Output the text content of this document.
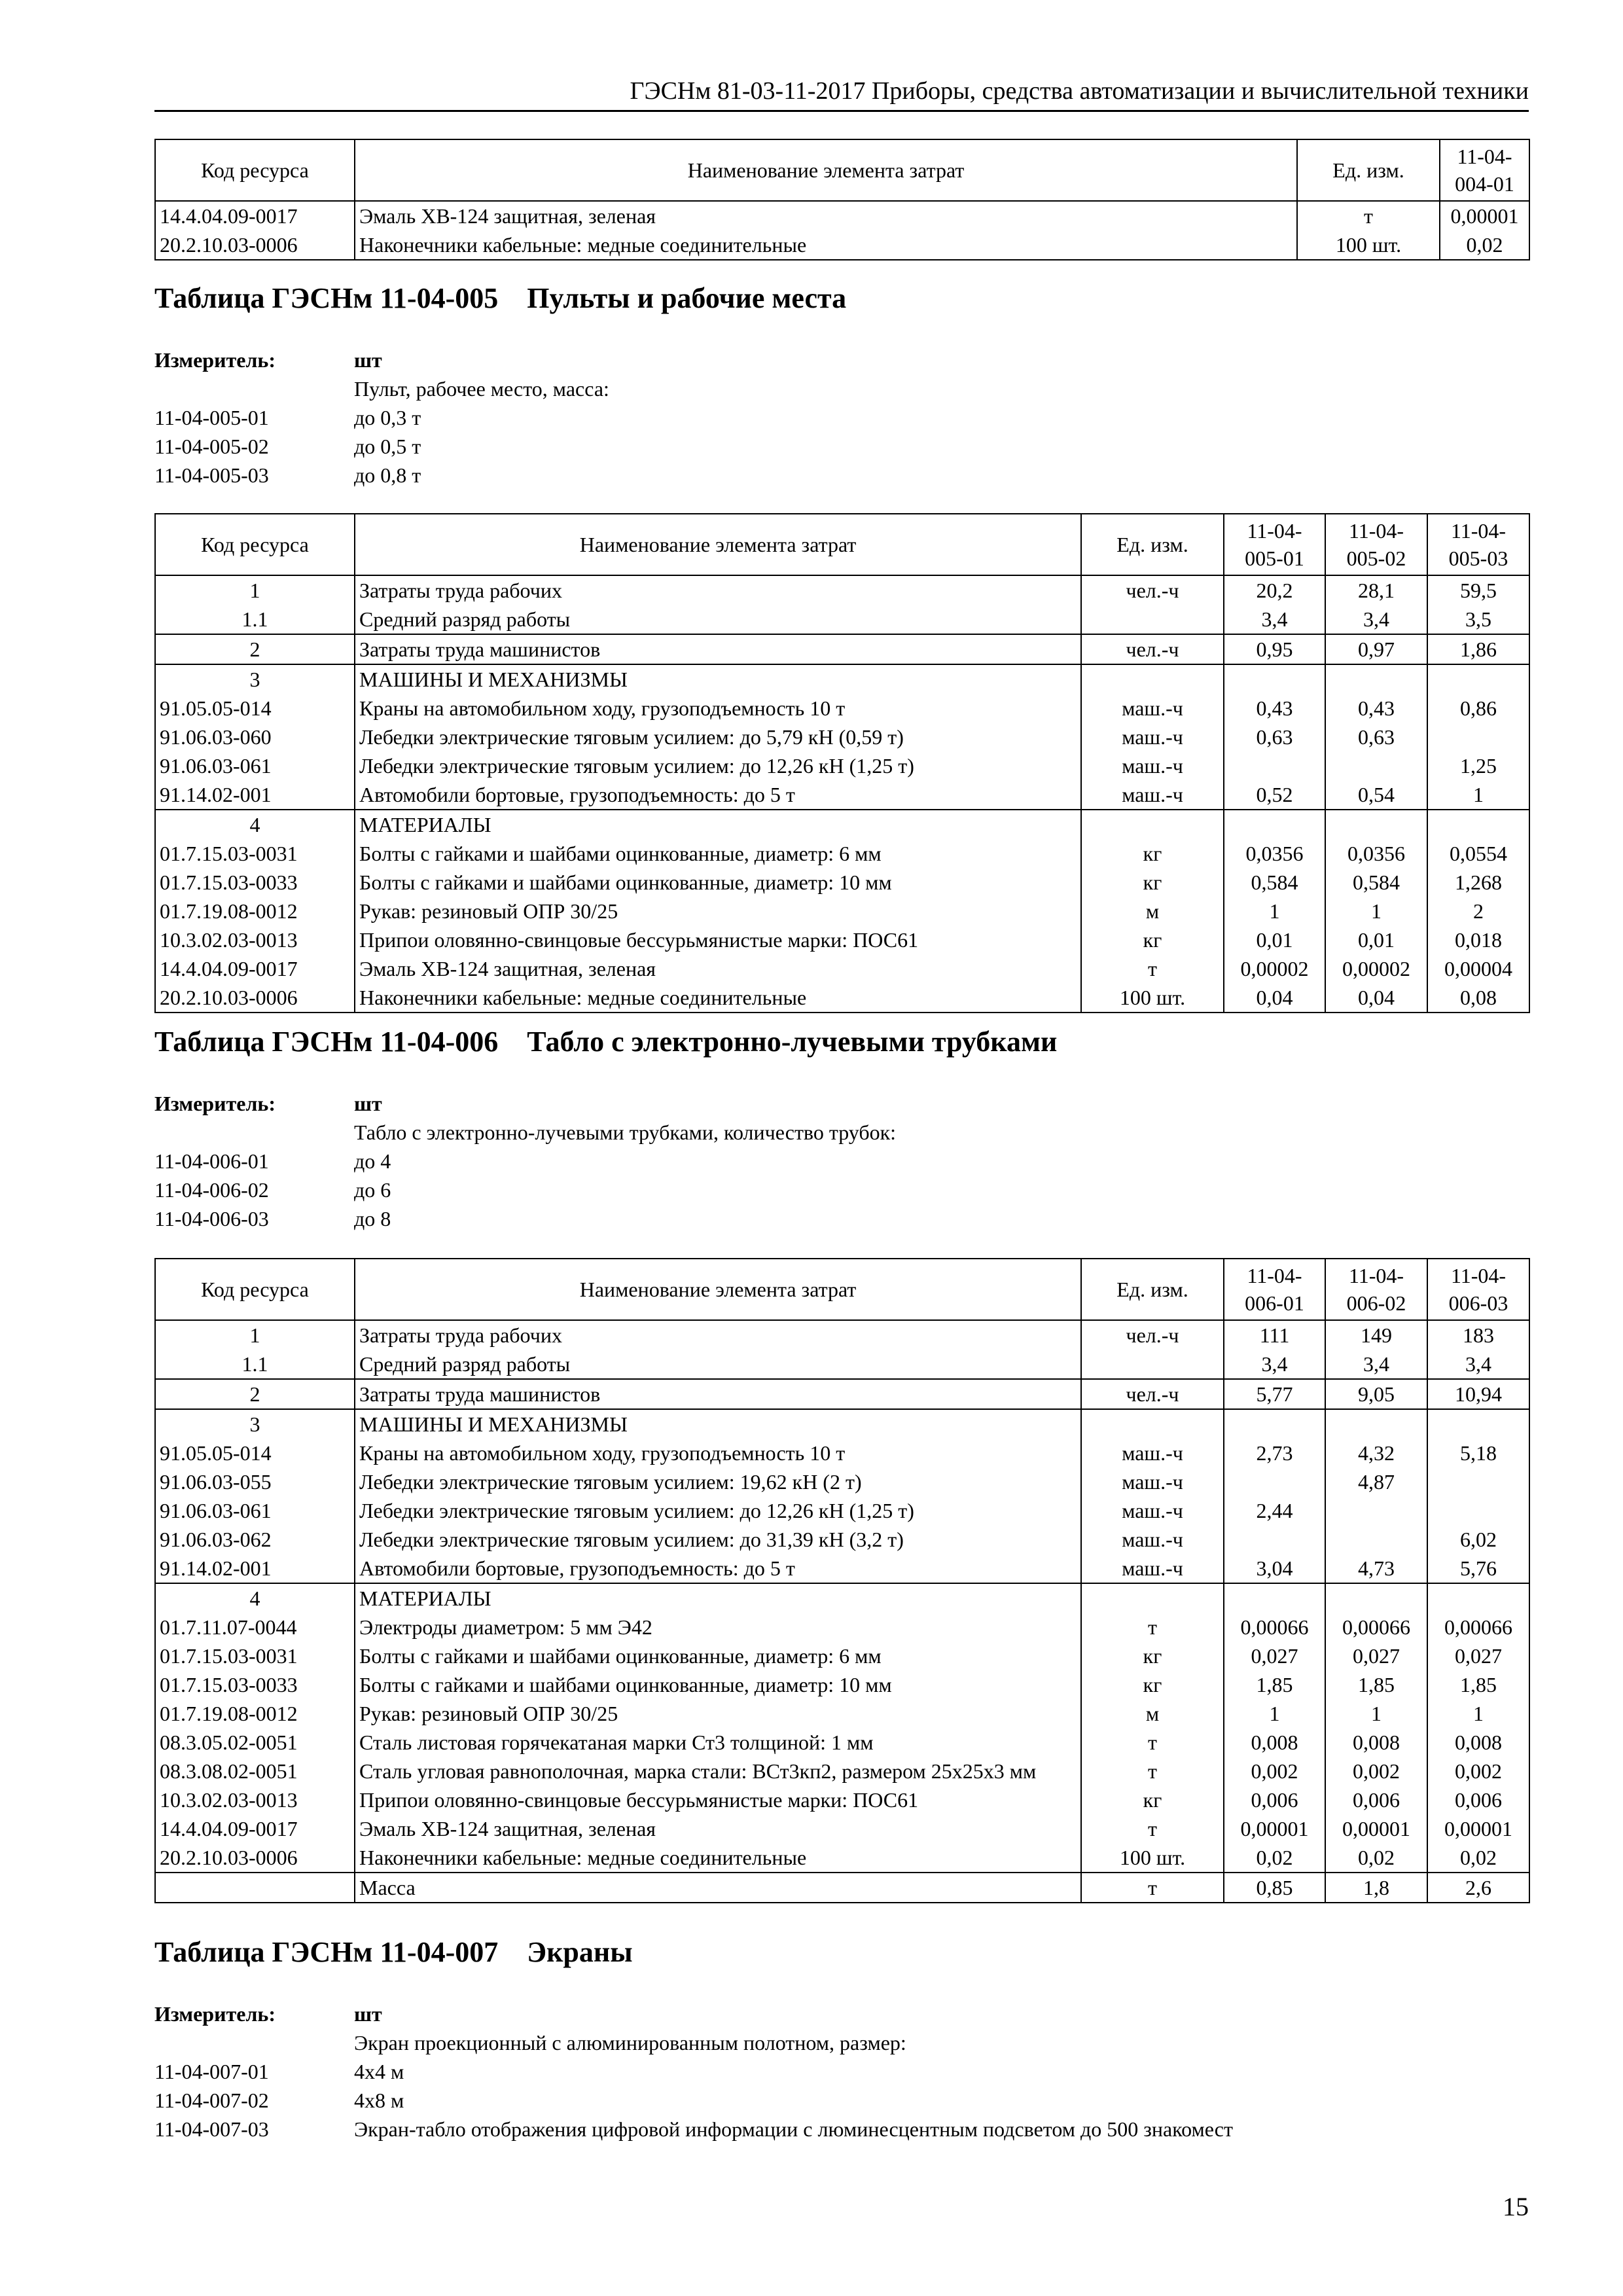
ГЭСНм 81-03-11-2017 Приборы, средства автоматизации и вычислительной техники
Код ресурса	Наименование элемента затрат	Ед. изм.	11-04- 004-01
14.4.04.09-0017	Эмаль ХВ-124 защитная, зеленая	т	0,00001
20.2.10.03-0006	Наконечники кабельные: медные соединительные	100 шт.	0,02
Таблица ГЭСНм 11-04-005 Пульты и рабочие места
Измеритель:	шт
Пульт, рабочее место, масса:
11-04-005-01	до 0,3 т
11-04-005-02	до 0,5 т
11-04-005-03	до 0,8 т
Код ресурса	Наименование элемента затрат	Ед. изм.	11-04- 005-01	11-04- 005-02	11-04- 005-03
1	Затраты труда рабочих	чел.-ч	20,2	28,1	59,5
1.1	Средний разряд работы		3,4	3,4	3,5
2	Затраты труда машинистов	чел.-ч	0,95	0,97	1,86
3	МАШИНЫ И МЕХАНИЗМЫ				
91.05.05-014	Краны на автомобильном ходу, грузоподъемность 10 т	маш.-ч	0,43	0,43	0,86
91.06.03-060	Лебедки электрические тяговым усилием: до 5,79 кН (0,59 т)	маш.-ч	0,63	0,63	
91.06.03-061	Лебедки электрические тяговым усилием: до 12,26 кН (1,25 т)	маш.-ч			1,25
91.14.02-001	Автомобили бортовые, грузоподъемность: до 5 т	маш.-ч	0,52	0,54	1
4	МАТЕРИАЛЫ				
01.7.15.03-0031	Болты с гайками и шайбами оцинкованные, диаметр: 6 мм	кг	0,0356	0,0356	0,0554
01.7.15.03-0033	Болты с гайками и шайбами оцинкованные, диаметр: 10 мм	кг	0,584	0,584	1,268
01.7.19.08-0012	Рукав: резиновый ОПР 30/25	м	1	1	2
10.3.02.03-0013	Припои оловянно-свинцовые бессурьмянистые марки: ПОС61	кг	0,01	0,01	0,018
14.4.04.09-0017	Эмаль ХВ-124 защитная, зеленая	т	0,00002	0,00002	0,00004
20.2.10.03-0006	Наконечники кабельные: медные соединительные	100 шт.	0,04	0,04	0,08
Таблица ГЭСНм 11-04-006 Табло с электронно-лучевыми трубками
Измеритель:	шт
Табло с электронно-лучевыми трубками, количество трубок:
11-04-006-01	до 4
11-04-006-02	до 6
11-04-006-03	до 8
Код ресурса	Наименование элемента затрат	Ед. изм.	11-04- 006-01	11-04- 006-02	11-04- 006-03
1	Затраты труда рабочих	чел.-ч	111	149	183
1.1	Средний разряд работы		3,4	3,4	3,4
2	Затраты труда машинистов	чел.-ч	5,77	9,05	10,94
3	МАШИНЫ И МЕХАНИЗМЫ				
91.05.05-014	Краны на автомобильном ходу, грузоподъемность 10 т	маш.-ч	2,73	4,32	5,18
91.06.03-055	Лебедки электрические тяговым усилием: 19,62 кН (2 т)	маш.-ч		4,87	
91.06.03-061	Лебедки электрические тяговым усилием: до 12,26 кН (1,25 т)	маш.-ч	2,44		
91.06.03-062	Лебедки электрические тяговым усилием: до 31,39 кН (3,2 т)	маш.-ч			6,02
91.14.02-001	Автомобили бортовые, грузоподъемность: до 5 т	маш.-ч	3,04	4,73	5,76
4	МАТЕРИАЛЫ				
01.7.11.07-0044	Электроды диаметром: 5 мм Э42	т	0,00066	0,00066	0,00066
01.7.15.03-0031	Болты с гайками и шайбами оцинкованные, диаметр: 6 мм	кг	0,027	0,027	0,027
01.7.15.03-0033	Болты с гайками и шайбами оцинкованные, диаметр: 10 мм	кг	1,85	1,85	1,85
01.7.19.08-0012	Рукав: резиновый ОПР 30/25	м	1	1	1
08.3.05.02-0051	Сталь листовая горячекатаная марки Ст3 толщиной: 1 мм	т	0,008	0,008	0,008
08.3.08.02-0051	Сталь угловая равнополочная, марка стали: ВСт3кп2, размером 25x25x3 мм	т	0,002	0,002	0,002
10.3.02.03-0013	Припои оловянно-свинцовые бессурьмянистые марки: ПОС61	кг	0,006	0,006	0,006
14.4.04.09-0017	Эмаль ХВ-124 защитная, зеленая	т	0,00001	0,00001	0,00001
20.2.10.03-0006	Наконечники кабельные: медные соединительные	100 шт.	0,02	0,02	0,02
	Масса	т	0,85	1,8	2,6
Таблица ГЭСНм 11-04-007 Экраны
Измеритель:	шт
Экран проекционный с алюминированным полотном, размер:
11-04-007-01	4x4 м
11-04-007-02	4x8 м
11-04-007-03	Экран-табло отображения цифровой информации с люминесцентным подсветом до 500 знакомест
15
